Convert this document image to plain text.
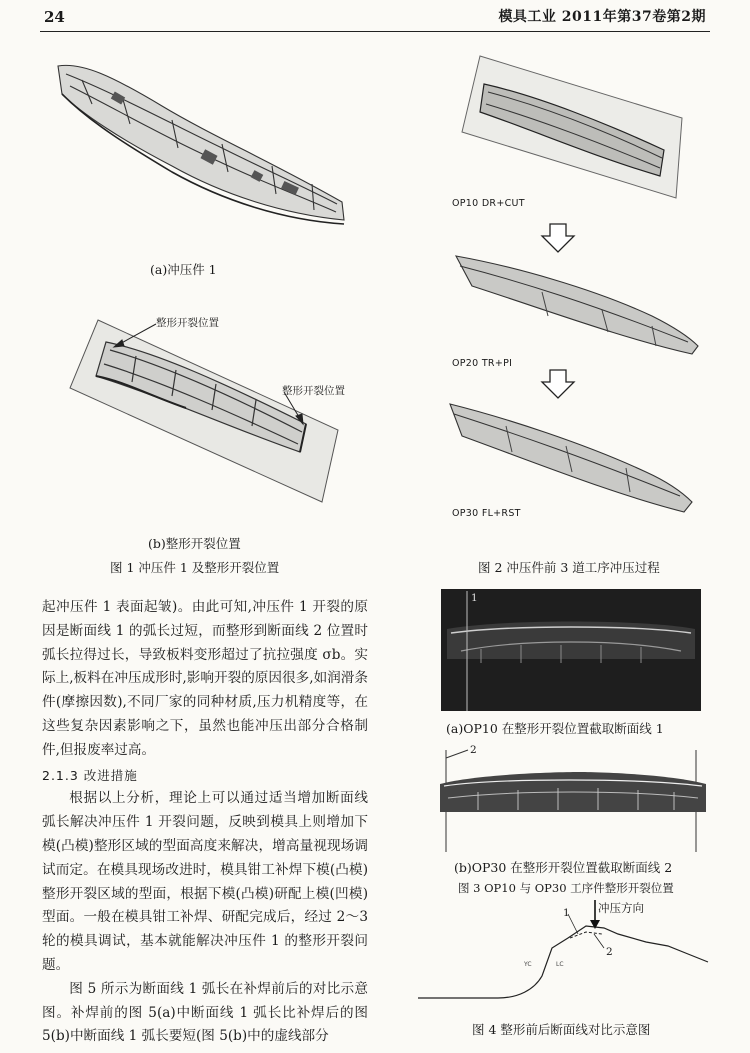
24	模具工业 2011年第37卷第2期
(a)冲压件 1
整形开裂位置
整形开裂位置
(b)整形开裂位置
图 1 冲压件 1 及整形开裂位置
OP10 DR+CUT
OP20 TR+PI
OP30 FL+RST
图 2 冲压件前 3 道工序冲压过程
1
(a)OP10 在整形开裂位置截取断面线 1
2
(b)OP30 在整形开裂位置截取断面线 2
图 3 OP10 与 OP30 工序件整形开裂位置
YC	LC
冲压方向
1
2
图 4 整形前后断面线对比示意图

起冲压件 1 表面起皱)。由此可知,冲压件 1 开裂的原因是断面线 1 的弧长过短，而整形到断面线 2 位置时弧长拉得过长，导致板料变形超过了抗拉强度 σb。实际上,板料在冲压成形时,影响开裂的原因很多,如润滑条件(摩擦因数),不同厂家的同种材质,压力机精度等，在这些复杂因素影响之下，虽然也能冲压出部分合格制件,但报废率过高。

2.1.3 改进措施

根据以上分析，理论上可以通过适当增加断面线弧长解决冲压件 1 开裂问题，反映到模具上则增加下模(凸模)整形区域的型面高度来解决，增高量视现场调试而定。在模具现场改进时，模具钳工补焊下模(凸模)整形开裂区域的型面，根据下模(凸模)研配上模(凹模)型面。一般在模具钳工补焊、研配完成后，经过 2～3 轮的模具调试，基本就能解决冲压件 1 的整形开裂问题。

图 5 所示为断面线 1 弧长在补焊前后的对比示意图。补焊前的图 5(a)中断面线 1 弧长比补焊后的图 5(b)中断面线 1 弧长要短(图 5(b)中的虚线部分
